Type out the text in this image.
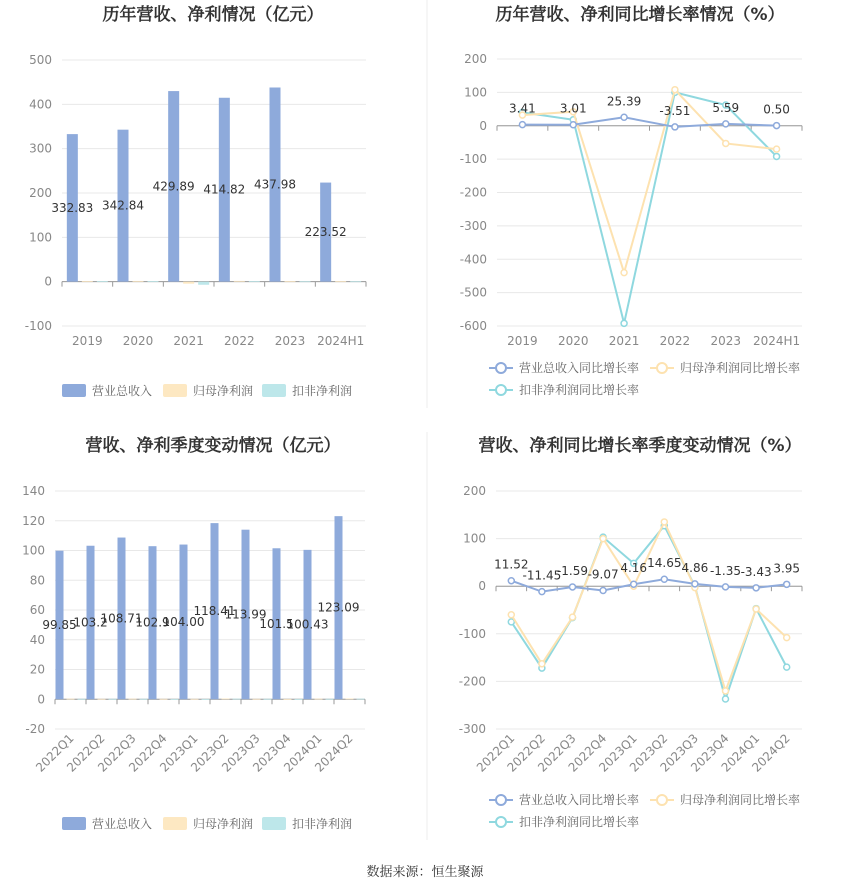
历年营收、净利情况（亿元）	历年营收、净利同比增长率情况（%）
营收、净利季度变动情况（亿元）	营收、净利同比增长率季度变动情况（%）
营业总收入	归母净利润	扣非净利润
营业总收入同比增长率	归母净利润同比增长率
扣非净利润同比增长率
营业总收入	归母净利润	扣非净利润
营业总收入同比增长率	归母净利润同比增长率
扣非净利润同比增长率
数据来源：恒生聚源
-100
0
100
200
300
400
500
2019 2020 2021 2022 2023 2024H1
332.83 342.84
429.89 414.82 437.98
223.52
-600
-500
-400
-300
-200
-100
0
100
200
2019 2020 2021 2022 2023 2024H1
3.41 3.01
25.39
-3.51 5.59 0.50
-20
0
20
40
60
80
100
120
140
2022Q1
2022Q2
2022Q3
2022Q4
2023Q1
2023Q2
2023Q3
2023Q4
2024Q1
2024Q2
99.85
103.2
108.71
102.9
104.00
118.41
113.99
101.5
100.43
123.09
-300
-200
-100
0
100
200
2022Q1
2022Q2
2022Q3
2022Q4
2023Q1
2023Q2
2023Q3
2023Q4
2024Q1
2024Q2
11.52
-11.45
-1.59 -9.07 4.16 14.65 4.86 -1.35 -3.43 3.95
